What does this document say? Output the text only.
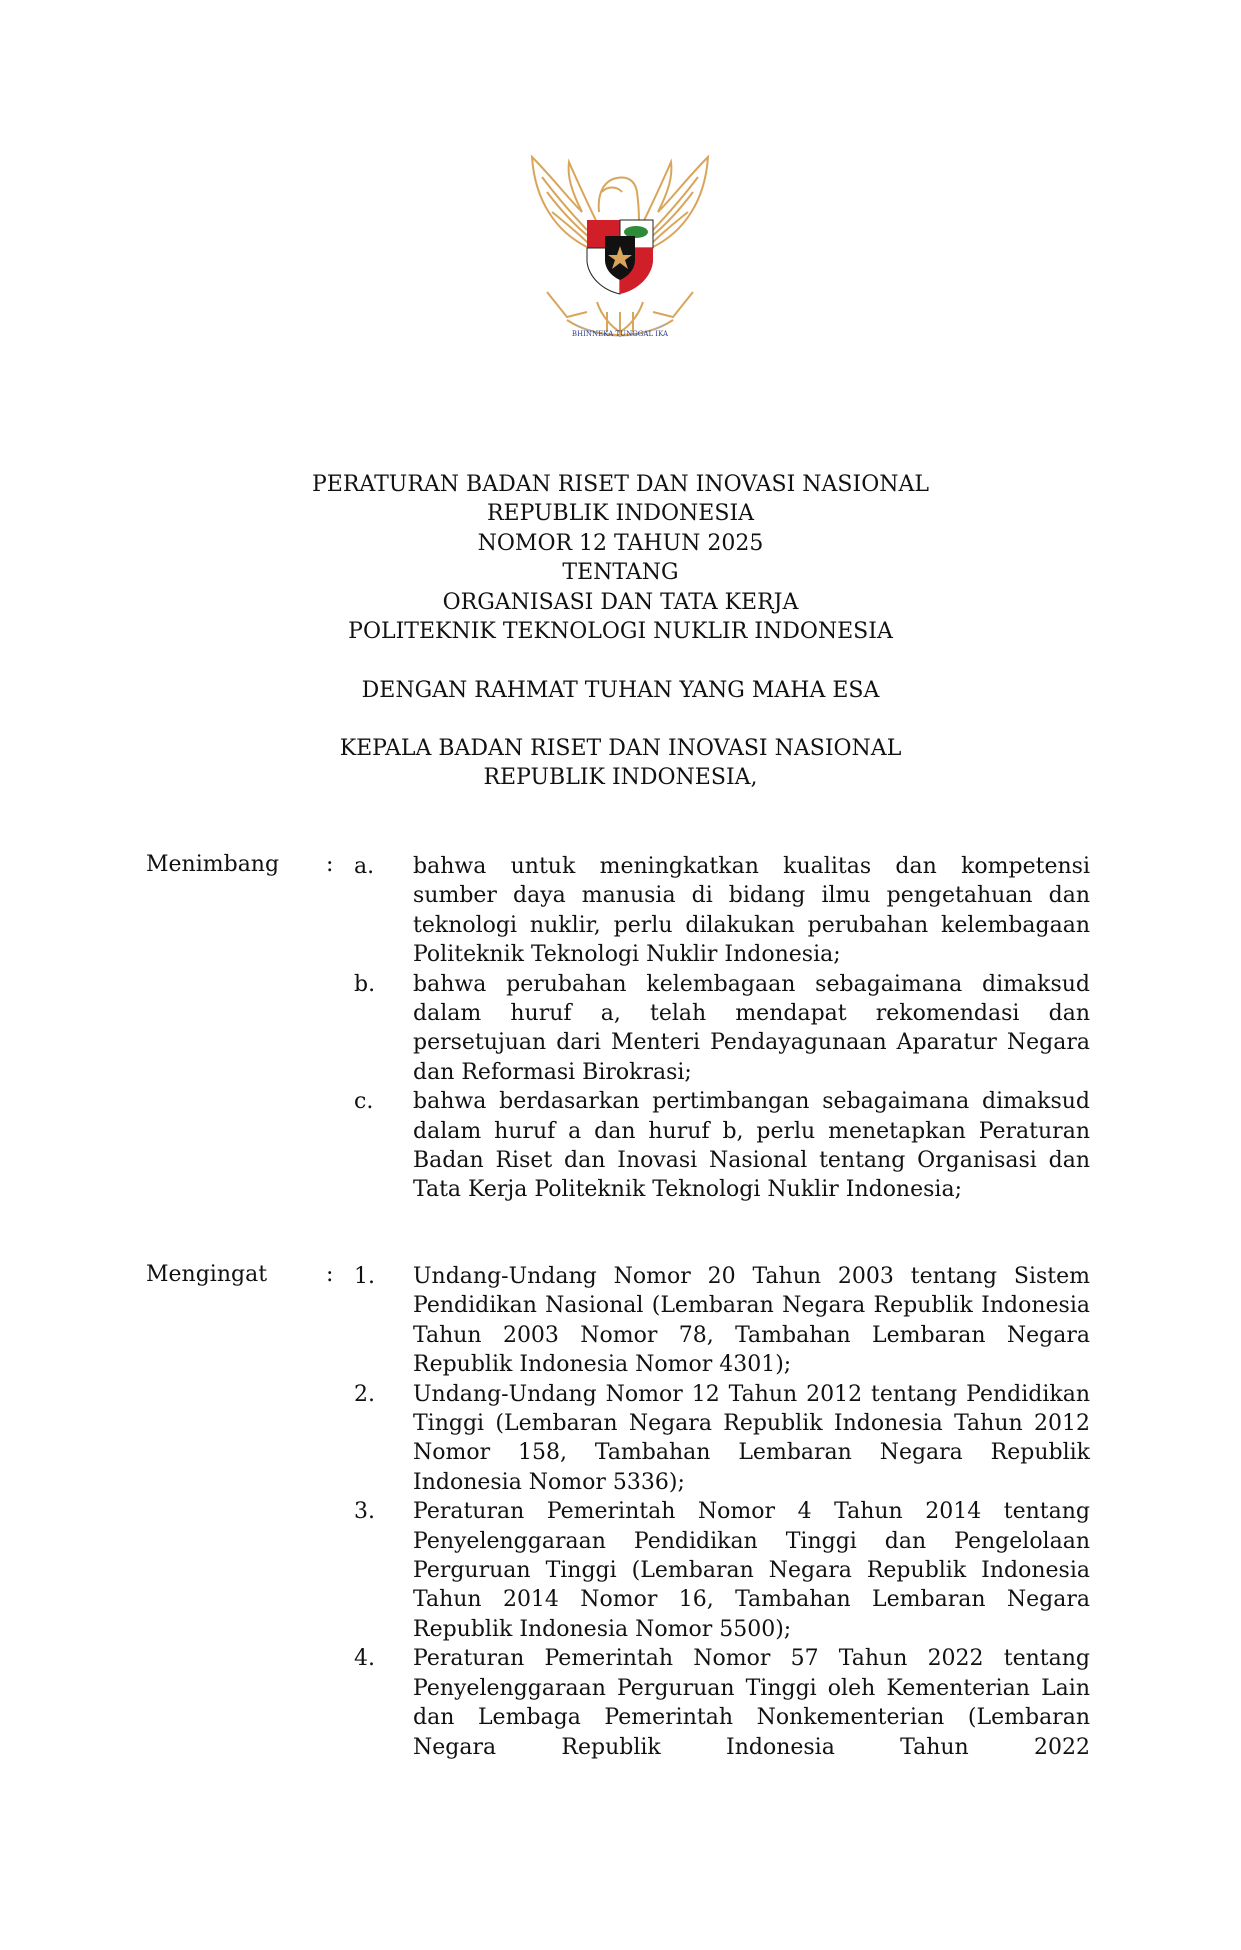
BHINNEKA TUNGGAL IKA
PERATURAN BADAN RISET DAN INOVASI NASIONAL
REPUBLIK INDONESIA
NOMOR 12 TAHUN 2025
TENTANG
ORGANISASI DAN TATA KERJA
POLITEKNIK TEKNOLOGI NUKLIR INDONESIA
DENGAN RAHMAT TUHAN YANG MAHA ESA
KEPALA BADAN RISET DAN INOVASI NASIONAL
REPUBLIK INDONESIA,
Menimbang : a. bahwa untuk meningkatkan kualitas dan kompetensi sumber daya manusia di bidang ilmu pengetahuan dan teknologi nuklir, perlu dilakukan perubahan kelembagaan Politeknik Teknologi Nuklir Indonesia;
b. bahwa perubahan kelembagaan sebagaimana dimaksud dalam huruf a, telah mendapat rekomendasi dan persetujuan dari Menteri Pendayagunaan Aparatur Negara dan Reformasi Birokrasi;
c. bahwa berdasarkan pertimbangan sebagaimana dimaksud dalam huruf a dan huruf b, perlu menetapkan Peraturan Badan Riset dan Inovasi Nasional tentang Organisasi dan Tata Kerja Politeknik Teknologi Nuklir Indonesia;
Mengingat	: 1. Undang-Undang Nomor 20 Tahun 2003 tentang Sistem Pendidikan Nasional (Lembaran Negara Republik Indonesia Tahun 2003 Nomor 78, Tambahan Lembaran Negara Republik Indonesia Nomor 4301);
2. Undang-Undang Nomor 12 Tahun 2012 tentang Pendidikan Tinggi (Lembaran Negara Republik Indonesia Tahun 2012 Nomor 158, Tambahan Lembaran Negara Republik Indonesia Nomor 5336);
3. Peraturan Pemerintah Nomor 4 Tahun 2014 tentang Penyelenggaraan Pendidikan Tinggi dan Pengelolaan Perguruan Tinggi (Lembaran Negara Republik Indonesia Tahun 2014 Nomor 16, Tambahan Lembaran Negara Republik Indonesia Nomor 5500);
4. Peraturan Pemerintah Nomor 57 Tahun 2022 tentang Penyelenggaraan Perguruan Tinggi oleh Kementerian Lain dan Lembaga Pemerintah Nonkementerian (Lembaran Negara Republik Indonesia Tahun 2022
